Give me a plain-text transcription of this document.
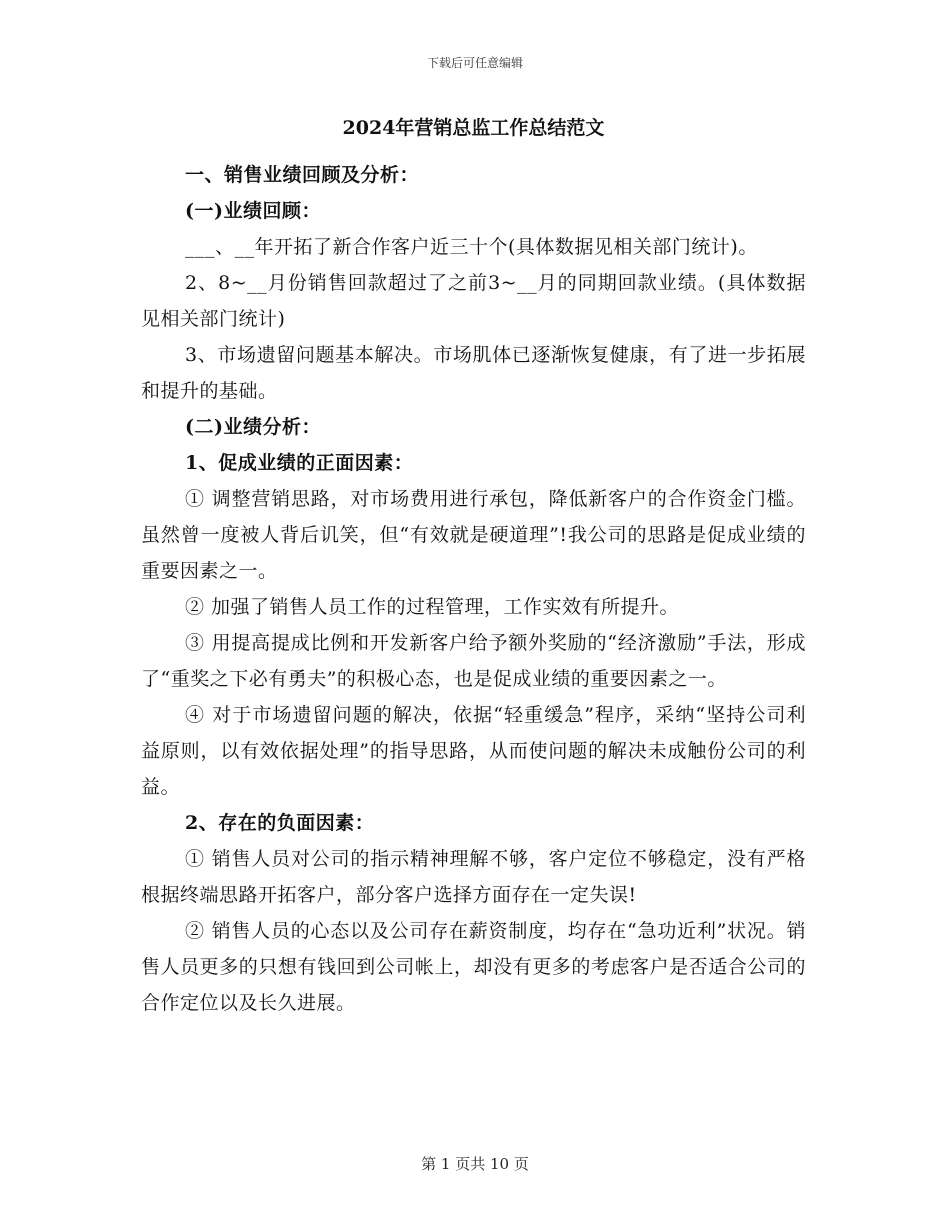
下载后可任意编辑

2024年营销总监工作总结范文

一、销售业绩回顾及分析：

(一)业绩回顾：

___、__年开拓了新合作客户近三十个(具体数据见相关部门统计)。

2、8~__月份销售回款超过了之前3~__月的同期回款业绩。(具体数据见相关部门统计)

3、市场遗留问题基本解决。市场肌体已逐渐恢复健康，有了进一步拓展和提升的基础。

(二)业绩分析：

1、促成业绩的正面因素：

① 调整营销思路，对市场费用进行承包，降低新客户的合作资金门槛。虽然曾一度被人背后讥笑，但“有效就是硬道理”!我公司的思路是促成业绩的重要因素之一。

② 加强了销售人员工作的过程管理，工作实效有所提升。

③ 用提高提成比例和开发新客户给予额外奖励的“经济激励”手法，形成了“重奖之下必有勇夫”的积极心态，也是促成业绩的重要因素之一。

④ 对于市场遗留问题的解决，依据“轻重缓急”程序，采纳“坚持公司利益原则，以有效依据处理”的指导思路，从而使问题的解决未成触份公司的利益。

2、存在的负面因素：

① 销售人员对公司的指示精神理解不够，客户定位不够稳定，没有严格根据终端思路开拓客户，部分客户选择方面存在一定失误!

② 销售人员的心态以及公司存在薪资制度，均存在“急功近利”状况。销售人员更多的只想有钱回到公司帐上，却没有更多的考虑客户是否适合公司的合作定位以及长久进展。

第 1 页共 10 页
